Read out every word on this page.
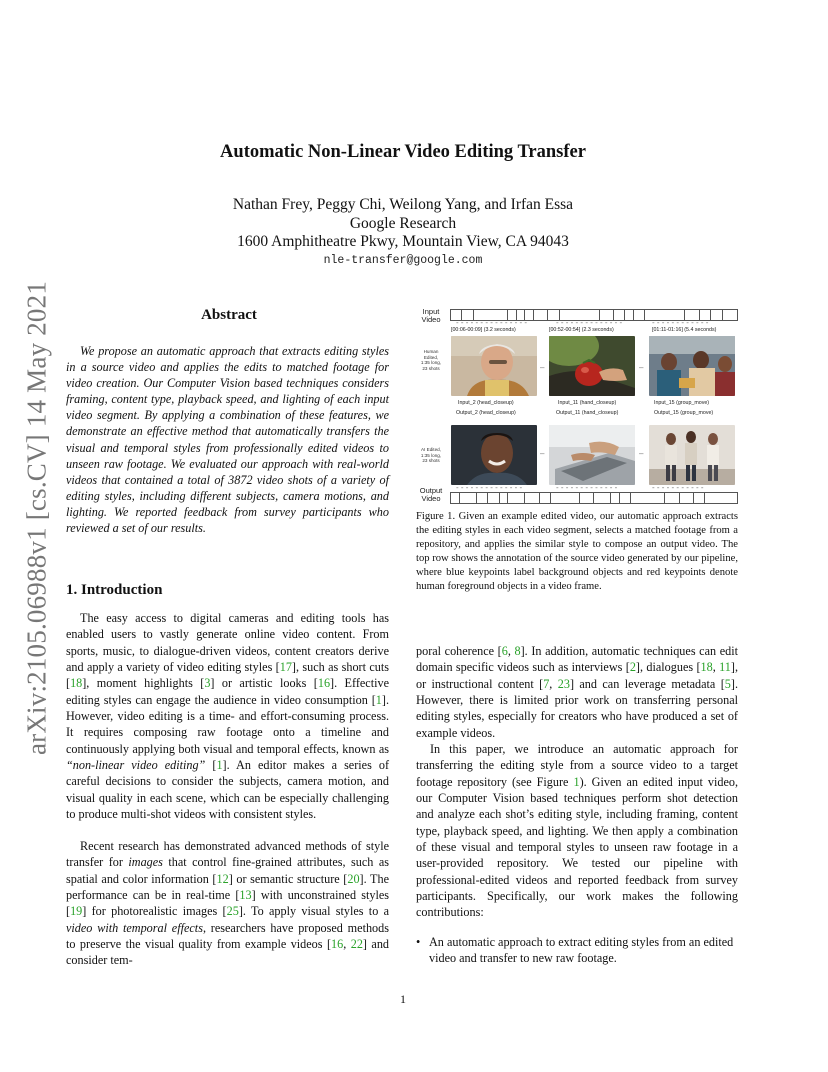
arXiv:2105.06988v1 [cs.CV] 14 May 2021
Automatic Non-Linear Video Editing Transfer
Nathan Frey, Peggy Chi, Weilong Yang, and Irfan Essa
Google Research
1600 Amphitheatre Pkwy, Mountain View, CA 94043
nle-transfer@google.com
Abstract

We propose an automatic approach that extracts editing styles in a source video and applies the edits to matched footage for video creation. Our Computer Vision based techniques considers framing, content type, playback speed, and lighting of each input video segment. By applying a combination of these features, we demonstrate an effective method that automatically transfers the visual and temporal styles from professionally edited videos to unseen raw footage. We evaluated our approach with real-world videos that contained a total of 3872 video shots of a variety of editing styles, including different subjects, camera motions, and lighting. We reported feedback from survey participants who reviewed a set of our results.

1. Introduction

The easy access to digital cameras and editing tools has enabled users to vastly generate online video content. From sports, music, to dialogue-driven videos, content creators derive and apply a variety of video editing styles [17], such as short cuts [18], moment highlights [3] or artistic looks [16]. Effective editing styles can engage the audience in video consumption [1]. However, video editing is a time- and effort-consuming process. It requires composing raw footage onto a timeline and continuously applying both visual and temporal effects, known as “non-linear video editing” [1]. An editor makes a series of careful decisions to consider the subjects, camera motion, and visual quality in each scene, which can be especially challenging to produce multi-shot videos with consistent styles.

Recent research has demonstrated advanced methods of style transfer for images that control fine-grained attributes, such as spatial and color information [12] or semantic structure [20]. The performance can be in real-time [13] with unconstrained styles [19] for photorealistic images [25]. To apply visual styles to a video with temporal effects, researchers have proposed methods to preserve the visual quality from example videos [16, 22] and consider tem-

Input
Video	- - - - - - - - - - - - - - -	- - - - - - - - - - - - - -	- - - - - - - - - - - -
[00:06-00:09] (3.2 seconds)	[00:52-00:54] (2.3 seconds)	[01:11-01:16] (5.4 seconds)
Human
Edited,
1:35 long,
23 shots	–	–
Input_2 (head_closeup)	Input_11 (hand_closeup)	Input_15 (group_move)
Output_2 (head_closeup)	Output_11 (hand_closeup)	Output_15 (group_move)
AI Edited,
1:35 long,
23 shots
–	–
- - - - - - - - - - - - - -	- - - - - - - - - - - - -	- - - - - - - - - - -
Output
Video

Figure 1. Given an example edited video, our automatic approach extracts the editing styles in each video segment, selects a matched footage from a repository, and applies the similar style to compose an output video. The top row shows the annotation of the source video generated by our pipeline, where blue keypoints label background objects and red keypoints denote human foreground objects in a video frame.

poral coherence [6, 8]. In addition, automatic techniques can edit domain specific videos such as interviews [2], dialogues [18, 11], or instructional content [7, 23] and can leverage metadata [5]. However, there is limited prior work on transferring personal editing styles, especially for creators who have produced a set of example videos.

In this paper, we introduce an automatic approach for transferring the editing style from a source video to a target footage repository (see Figure 1). Given an edited input video, our Computer Vision based techniques perform shot detection and analyze each shot’s editing style, including framing, content type, playback speed, and lighting. We then apply a combination of these visual and temporal styles to unseen raw footage in a user-provided repository. We tested our pipeline with professional-edited videos and reported feedback from survey participants. Specifically, our work makes the following contributions:

• An automatic approach to extract editing styles from an edited video and transfer to new raw footage.
1
